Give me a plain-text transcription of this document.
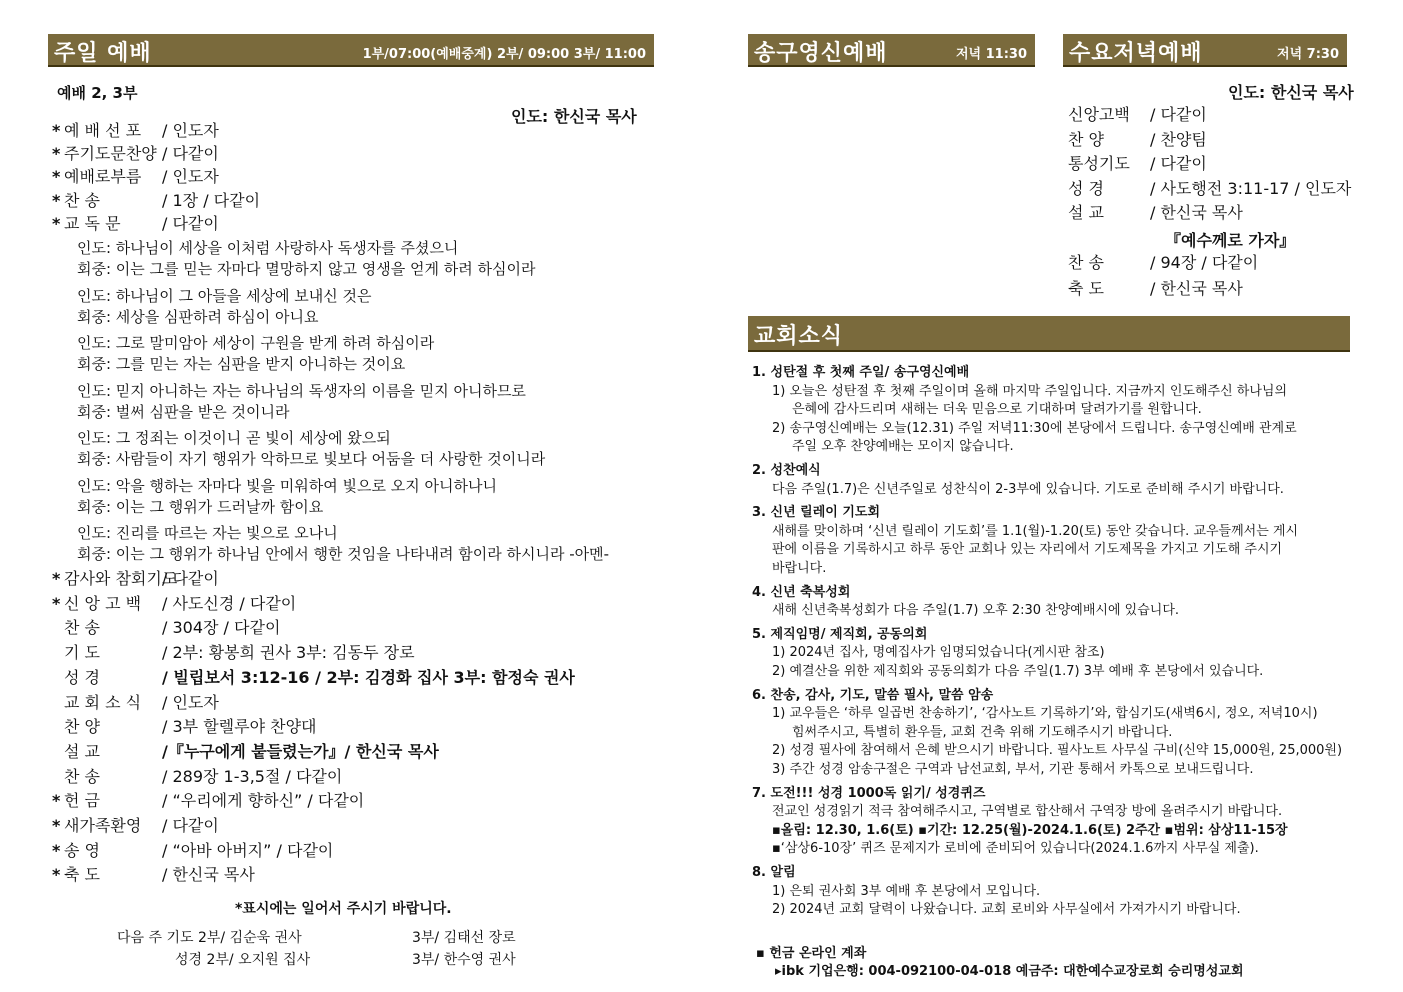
주일 예배	1부/07:00(예배중계) 2부/ 09:00 3부/ 11:00
예배 2, 3부
인도: 한신국 목사
* 예 배 선 포 / 인도자
* 주기도문찬양 / 다같이
* 예배로부름 / 인도자
* 찬 송	/ 1장 / 다같이
* 교 독 문	/ 다같이
인도: 하나님이 세상을 이처럼 사랑하사 독생자를 주셨으니
회중: 이는 그를 믿는 자마다 멸망하지 않고 영생을 얻게 하려 하심이라
인도: 하나님이 그 아들을 세상에 보내신 것은
회중: 세상을 심판하려 하심이 아니요
인도: 그로 말미암아 세상이 구원을 받게 하려 하심이라
회중: 그를 믿는 자는 심판을 받지 아니하는 것이요
인도: 믿지 아니하는 자는 하나님의 독생자의 이름을 믿지 아니하므로
회중: 벌써 심판을 받은 것이니라
인도: 그 정죄는 이것이니 곧 빛이 세상에 왔으되
회중: 사람들이 자기 행위가 악하므로 빛보다 어둠을 더 사랑한 것이니라
인도: 악을 행하는 자마다 빛을 미워하여 빛으로 오지 아니하나니
회중: 이는 그 행위가 드러날까 함이요
인도: 진리를 따르는 자는 빛으로 오나니
회중: 이는 그 행위가 하나님 안에서 행한 것임을 나타내려 함이라 하시니라 -아멘-
* 감사와 참회기도/ 다같이
* 신 앙 고 백 / 사도신경 / 다같이
찬 송	/ 304장 / 다같이
기 도	/ 2부: 황봉희 권사 3부: 김동두 장로
성 경	/ 빌립보서 3:12-16 / 2부: 김경화 집사 3부: 함정숙 권사
교 회 소 식 / 인도자
찬 양	/ 3부 할렐루야 찬양대
설 교	/『누구에게 붙들렸는가』/ 한신국 목사
찬 송	/ 289장 1-3,5절 / 다같이
* 헌 금	/ “우리에게 향하신” / 다같이
* 새가족환영 / 다같이
* 송 영	/ “아바 아버지” / 다같이
* 축 도	/ 한신국 목사
*표시에는 일어서 주시기 바랍니다.
다음 주 기도 2부/ 김순욱 권사	3부/ 김태선 장로
성경 2부/ 오지원 집사	3부/ 한수영 권사
송구영신예배	저녁 11:30 수요저녁예배	저녁 7:30
인도: 한신국 목사
신앙고백 / 다같이
찬 양	/ 찬양팀
통성기도 / 다같이
성 경	/ 사도행전 3:11-17 / 인도자
설 교	/ 한신국 목사
『예수께로 가자』
찬 송	/ 94장 / 다같이
축 도	/ 한신국 목사
교회소식
1. 성탄절 후 첫째 주일/ 송구영신예배
1) 오늘은 성탄절 후 첫째 주일이며 올해 마지막 주일입니다. 지금까지 인도해주신 하나님의
은혜에 감사드리며 새해는 더욱 믿음으로 기대하며 달려가기를 원합니다.
2) 송구영신예배는 오늘(12.31) 주일 저녁11:30에 본당에서 드립니다. 송구영신예배 관계로
주일 오후 찬양예배는 모이지 않습니다.
2. 성찬예식
다음 주일(1.7)은 신년주일로 성찬식이 2-3부에 있습니다. 기도로 준비해 주시기 바랍니다.
3. 신년 릴레이 기도회
새해를 맞이하며 ‘신년 릴레이 기도회’를 1.1(월)-1.20(토) 동안 갖습니다. 교우들께서는 게시
판에 이름을 기록하시고 하루 동안 교회나 있는 자리에서 기도제목을 가지고 기도해 주시기
바랍니다.
4. 신년 축복성회
새해 신년축복성회가 다음 주일(1.7) 오후 2:30 찬양예배시에 있습니다.
5. 제직임명/ 제직회, 공동의회
1) 2024년 집사, 명예집사가 임명되었습니다(게시판 참조)
2) 예결산을 위한 제직회와 공동의회가 다음 주일(1.7) 3부 예배 후 본당에서 있습니다.
6. 찬송, 감사, 기도, 말씀 필사, 말씀 암송
1) 교우들은 ‘하루 일곱번 찬송하기’, ‘감사노트 기록하기’와, 합심기도(새벽6시, 정오, 저녁10시)
힘써주시고, 특별히 환우들, 교회 건축 위해 기도해주시기 바랍니다.
2) 성경 필사에 참여해서 은혜 받으시기 바랍니다. 필사노트 사무실 구비(신약 15,000원, 25,000원)
3) 주간 성경 암송구절은 구역과 남선교회, 부서, 기관 통해서 카톡으로 보내드립니다.
7. 도전!!! 성경 1000독 읽기/ 성경퀴즈
전교인 성경읽기 적극 참여해주시고, 구역별로 합산해서 구역장 방에 올려주시기 바랍니다.
▪올림: 12.30, 1.6(토) ▪기간: 12.25(월)-2024.1.6(토) 2주간 ▪범위: 삼상11-15장
▪‘삼상6-10장’ 퀴즈 문제지가 로비에 준비되어 있습니다(2024.1.6까지 사무실 제출).
8. 알림
1) 은퇴 권사회 3부 예배 후 본당에서 모입니다.
2) 2024년 교회 달력이 나왔습니다. 교회 로비와 사무실에서 가져가시기 바랍니다.
▪ 헌금 온라인 계좌
▸ibk 기업은행: 004-092100-04-018 예금주: 대한예수교장로회 승리명성교회
